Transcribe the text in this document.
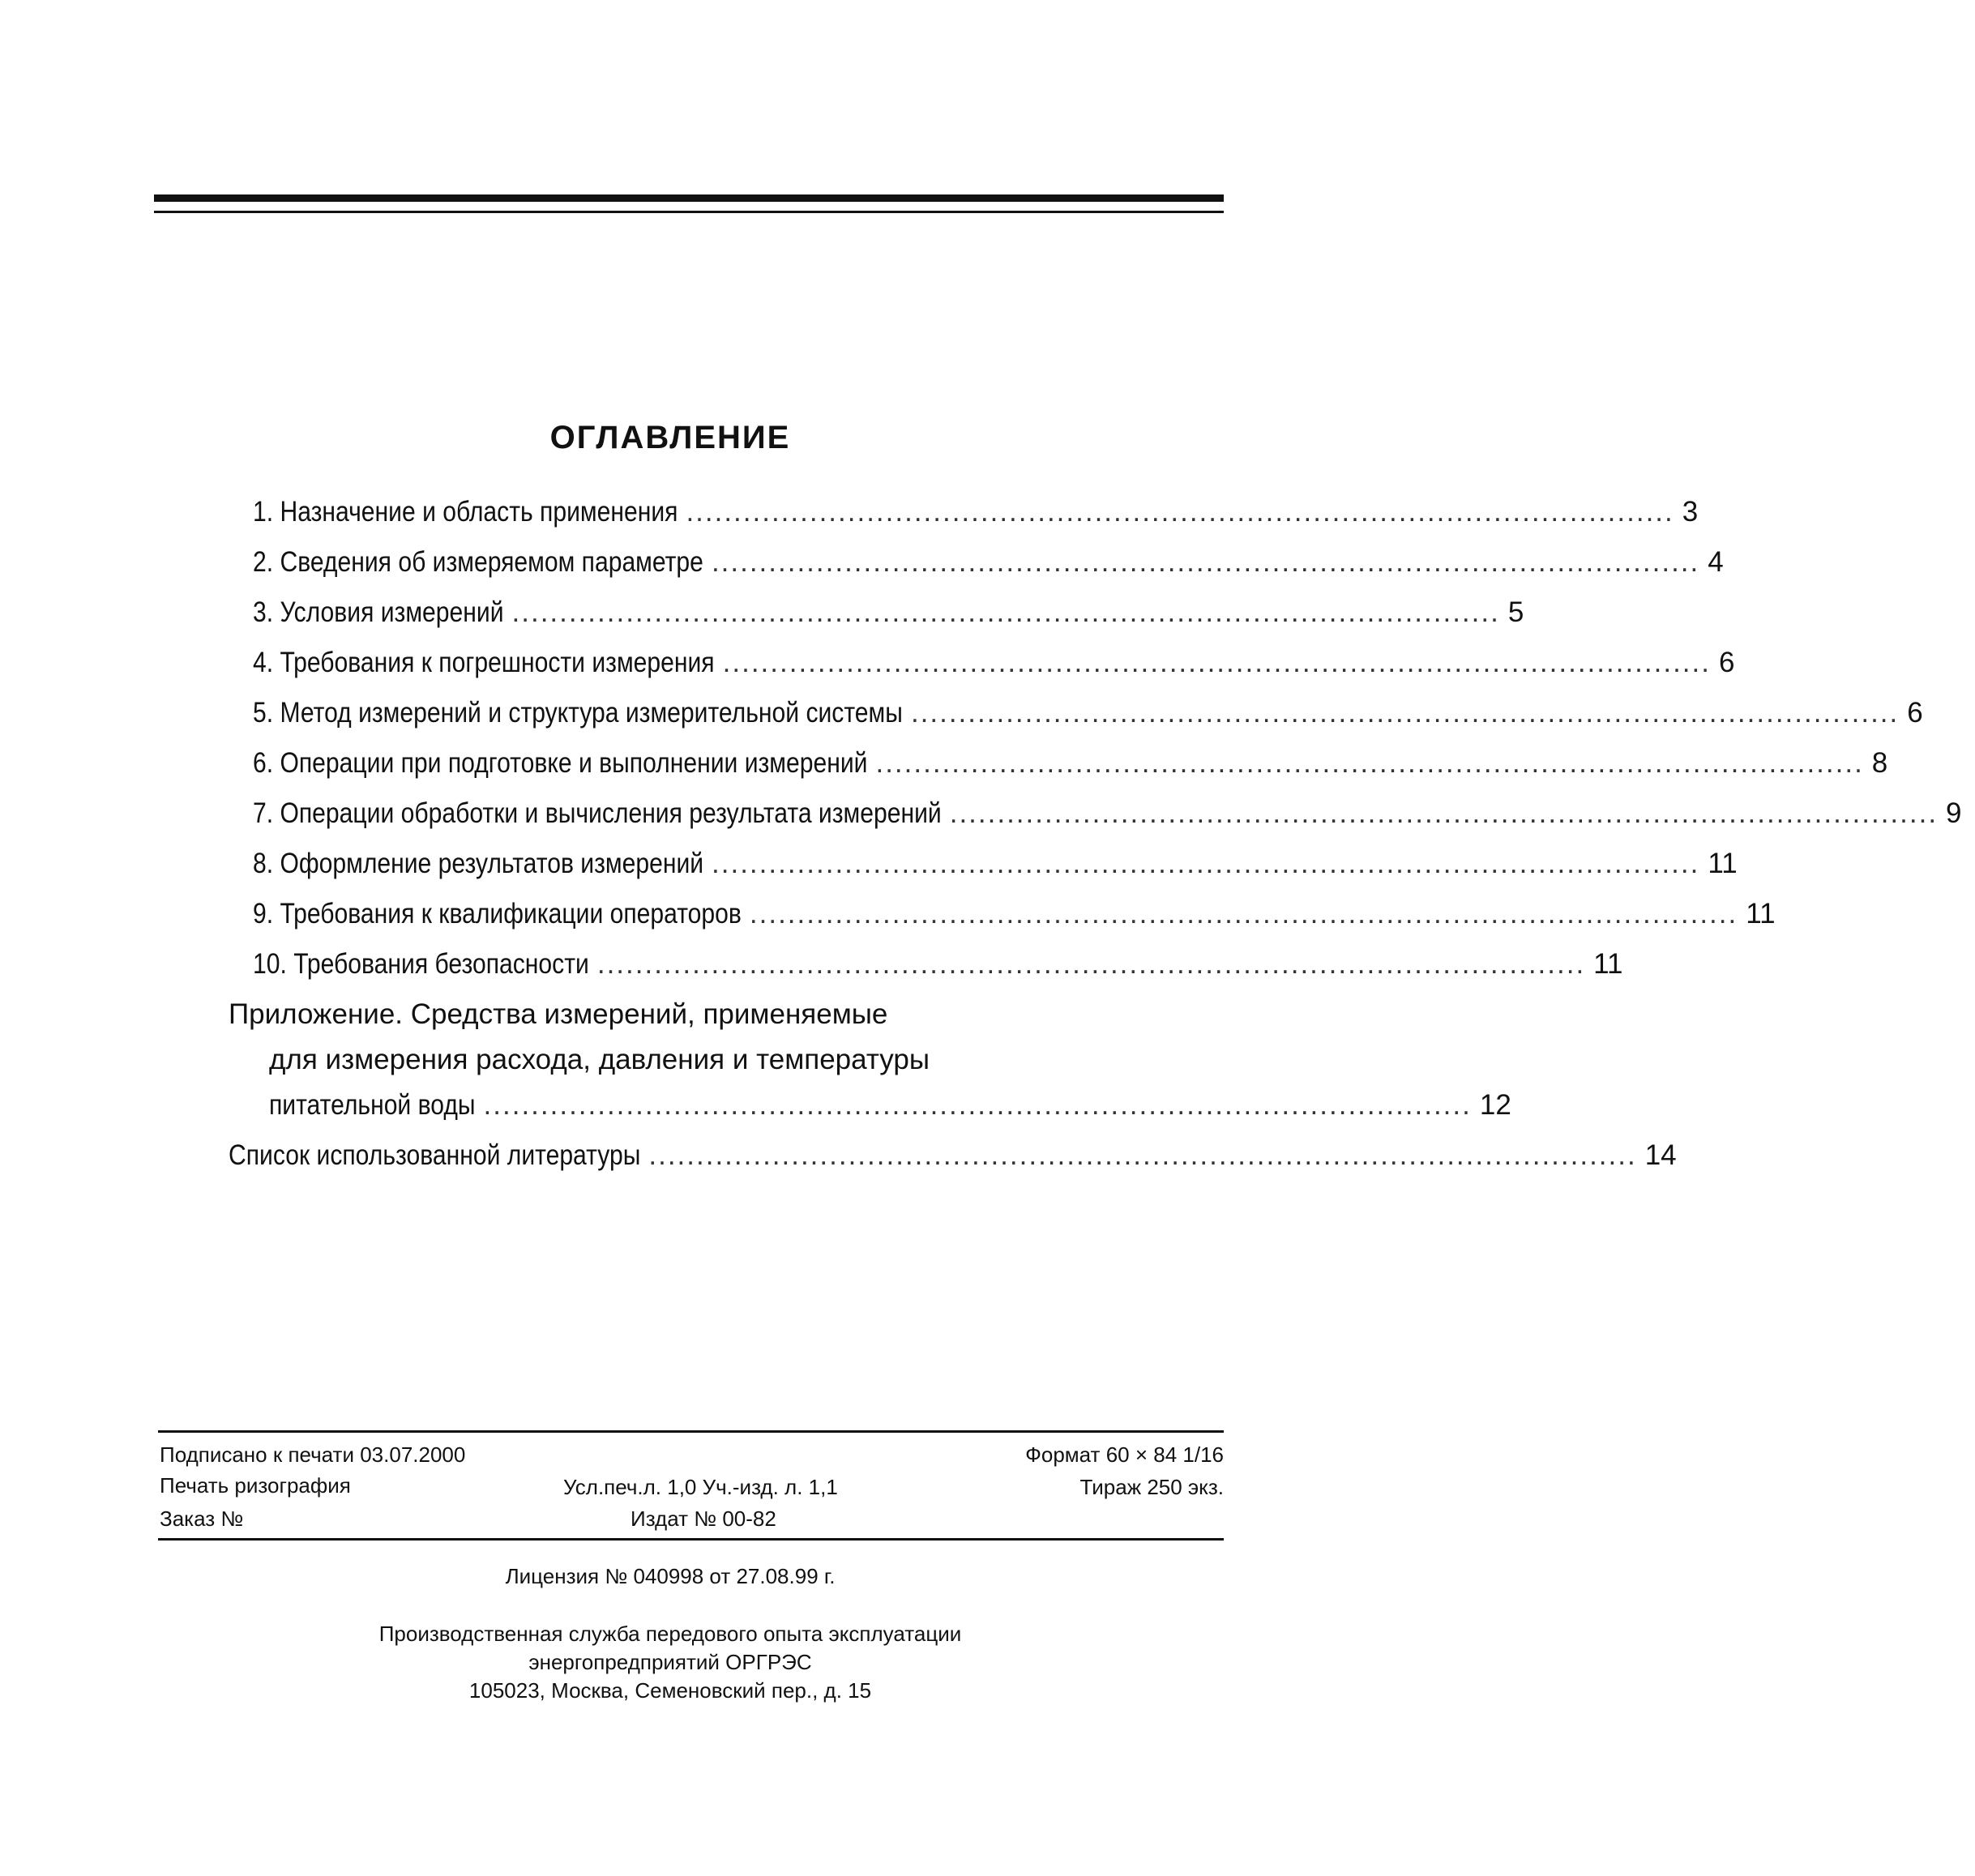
ОГЛАВЛЕНИЕ
1. Назначение и область применения ........................................................................................................ 3
2. Сведения об измеряемом параметре ........................................................................................................ 4
3. Условия измерений ........................................................................................................ 5
4. Требования к погрешности измерения ........................................................................................................ 6
5. Метод измерений и структура измерительной системы ........................................................................................................ 6
6. Операции при подготовке и выполнении измерений ........................................................................................................ 8
7. Операции обработки и вычисления результата измерений ........................................................................................................ 9
8. Оформление результатов измерений ........................................................................................................ 11
9. Требования к квалификации операторов ........................................................................................................ 11
10. Требования безопасности ........................................................................................................ 11
Приложение. Средства измерений, применяемые
для измерения расхода, давления и температуры
питательной воды ........................................................................................................ 12
Список использованной литературы ........................................................................................................ 14
Подписано к печати 03.07.2000	Формат 60 × 84 1/16
Печать ризография	Усл.печ.л. 1,0 Уч.-изд. л. 1,1	Тираж 250 экз.
Заказ №	Издат № 00-82
Лицензия № 040998 от 27.08.99 г.
Производственная служба передового опыта эксплуатации
энергопредприятий ОРГРЭС
105023, Москва, Семеновский пер., д. 15
